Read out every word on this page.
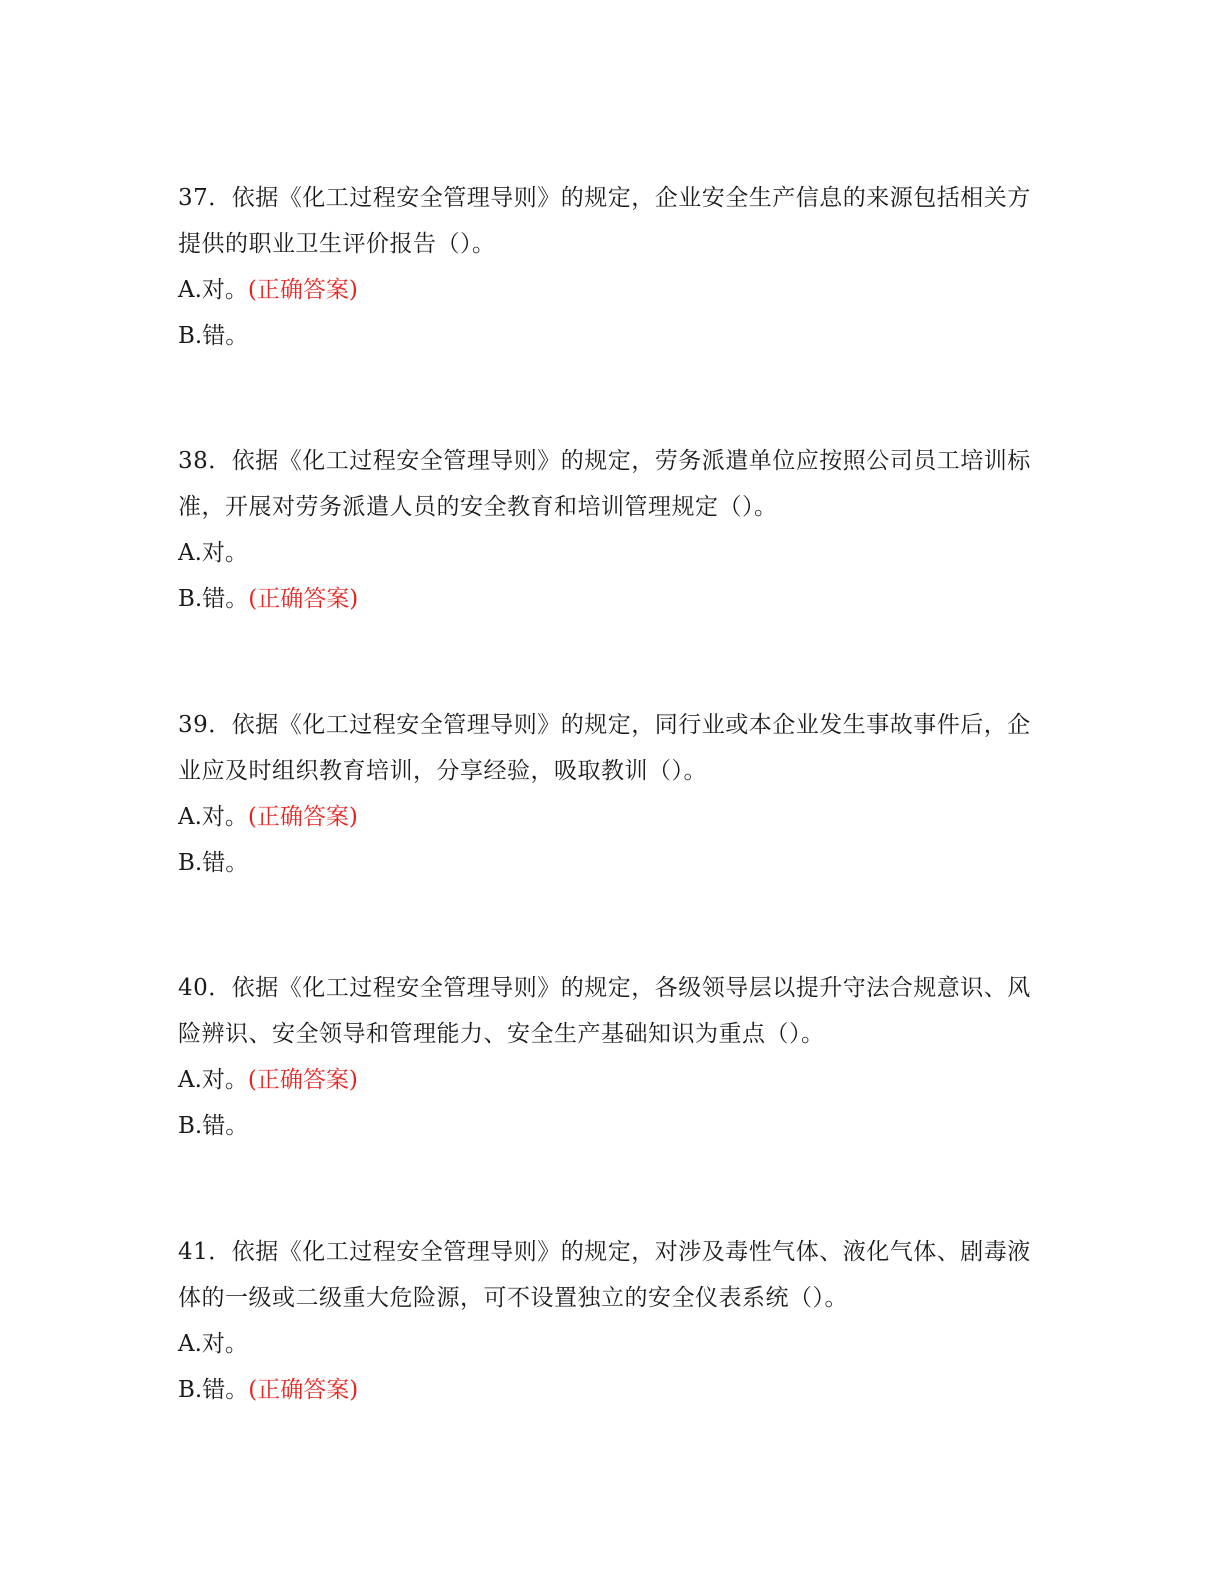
37．依据《化工过程安全管理导则》的规定，企业安全生产信息的来源包括相关方提供的职业卫生评价报告（）。

A.对。(正确答案)

B.错。

38．依据《化工过程安全管理导则》的规定，劳务派遣单位应按照公司员工培训标准，开展对劳务派遣人员的安全教育和培训管理规定（）。

A.对。

B.错。(正确答案)

39．依据《化工过程安全管理导则》的规定，同行业或本企业发生事故事件后，企业应及时组织教育培训，分享经验，吸取教训（）。

A.对。(正确答案)

B.错。

40．依据《化工过程安全管理导则》的规定，各级领导层以提升守法合规意识、风险辨识、安全领导和管理能力、安全生产基础知识为重点（）。

A.对。(正确答案)

B.错。

41．依据《化工过程安全管理导则》的规定，对涉及毒性气体、液化气体、剧毒液体的一级或二级重大危险源，可不设置独立的安全仪表系统（）。

A.对。

B.错。(正确答案)
